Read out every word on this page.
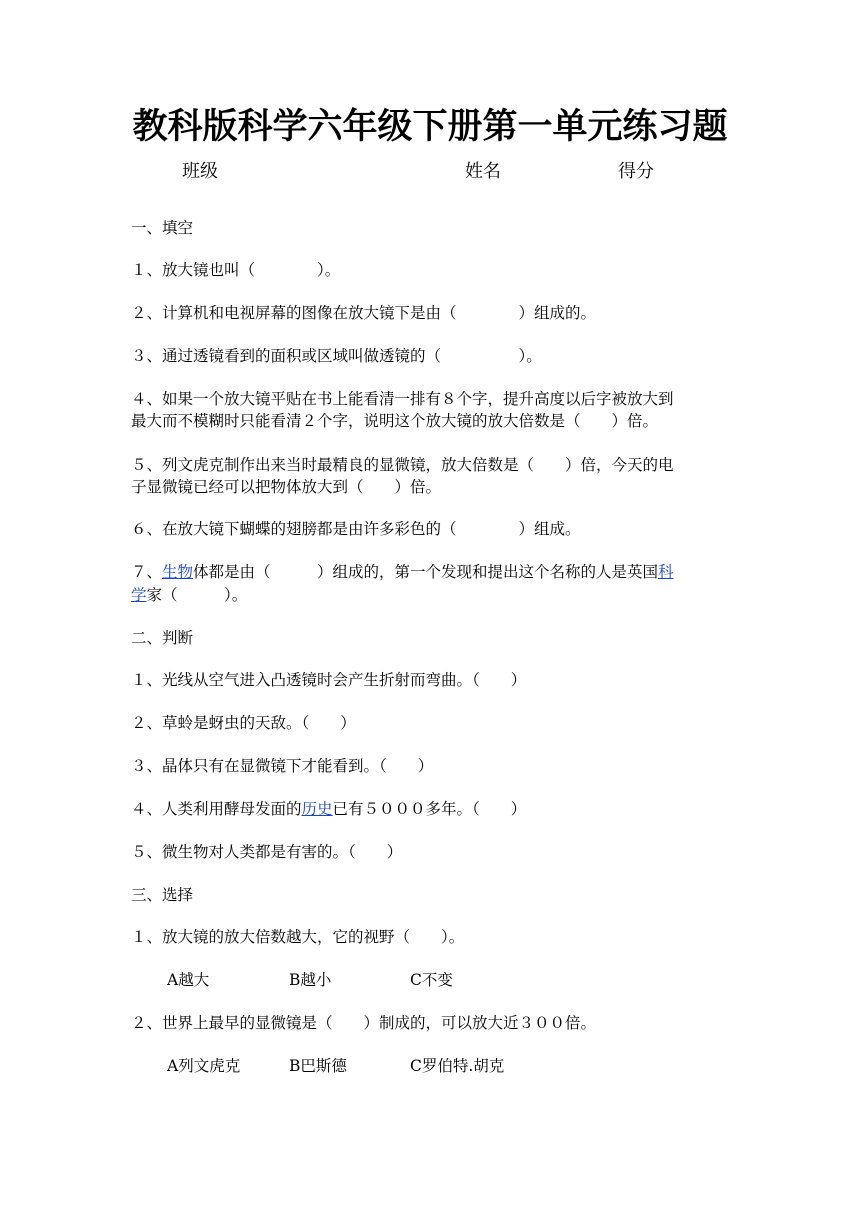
教科版科学六年级下册第一单元练习题
班级	姓名	得分
一、填空
１、放大镜也叫（　　　　）。
２、计算机和电视屏幕的图像在放大镜下是由（　　　　）组成的。
３、通过透镜看到的面积或区域叫做透镜的（　　　　　）。
４、如果一个放大镜平贴在书上能看清一排有８个字，提升高度以后字被放大到
最大而不模糊时只能看清２个字，说明这个放大镜的放大倍数是（　　）倍。
５、列文虎克制作出来当时最精良的显微镜，放大倍数是（　　）倍，今天的电
子显微镜已经可以把物体放大到（　　）倍。
６、在放大镜下蝴蝶的翅膀都是由许多彩色的（　　　　）组成。
７、生物体都是由（　　　）组成的，第一个发现和提出这个名称的人是英国科
学家（　　　）。
二、判断
１、光线从空气进入凸透镜时会产生折射而弯曲。（　　）
２、草蛉是蚜虫的天敌。（　　）
３、晶体只有在显微镜下才能看到。（　　）
４、人类利用酵母发面的历史已有５０００多年。（　　）
５、微生物对人类都是有害的。（　　）
三、选择
１、放大镜的放大倍数越大，它的视野（　　）。
A越大	B越小	C不变
２、世界上最早的显微镜是（　　）制成的，可以放大近３００倍。
A列文虎克	B巴斯德	C罗伯特.胡克
